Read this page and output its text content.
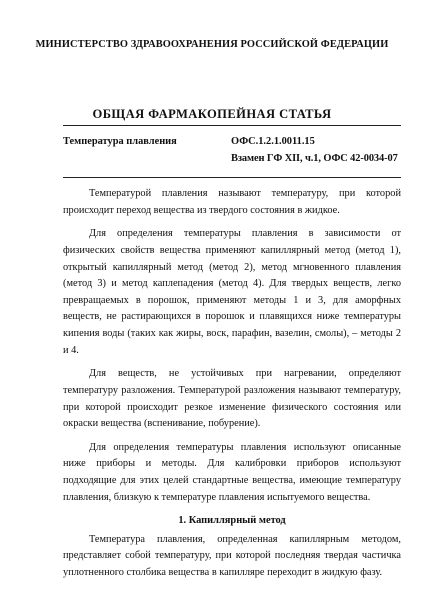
МИНИСТЕРСТВО ЗДРАВООХРАНЕНИЯ РОССИЙСКОЙ ФЕДЕРАЦИИ
ОБЩАЯ ФАРМАКОПЕЙНАЯ СТАТЬЯ
Температура плавления	ОФС.1.2.1.0011.15
Взамен ГФ XII, ч.1, ОФС 42-0034-07

Температурой плавления называют температуру, при которой происходит переход вещества из твердого состояния в жидкое.

Для определения температуры плавления в зависимости от физических свойств вещества применяют капиллярный метод (метод 1), открытый капиллярный метод (метод 2), метод мгновенного плавления (метод 3) и метод каплепадения (метод 4). Для твердых веществ, легко превращаемых в порошок, применяют методы 1 и 3, для аморфных веществ, не растирающихся в порошок и плавящихся ниже температуры кипения воды (таких как жиры, воск, парафин, вазелин, смолы), – методы 2 и 4.

Для веществ, не устойчивых при нагревании, определяют температуру разложения. Температурой разложения называют температуру, при которой происходит резкое изменение физического состояния или окраски вещества (вспенивание, побурение).

Для определения температуры плавления используют описанные ниже приборы и методы. Для калибровки приборов используют подходящие для этих целей стандартные вещества, имеющие температуру плавления, близкую к температуре плавления испытуемого вещества.

1. Капиллярный метод

Температура плавления, определенная капиллярным методом, представляет собой температуру, при которой последняя твердая частичка уплотненного столбика вещества в капилляре переходит в жидкую фазу.
